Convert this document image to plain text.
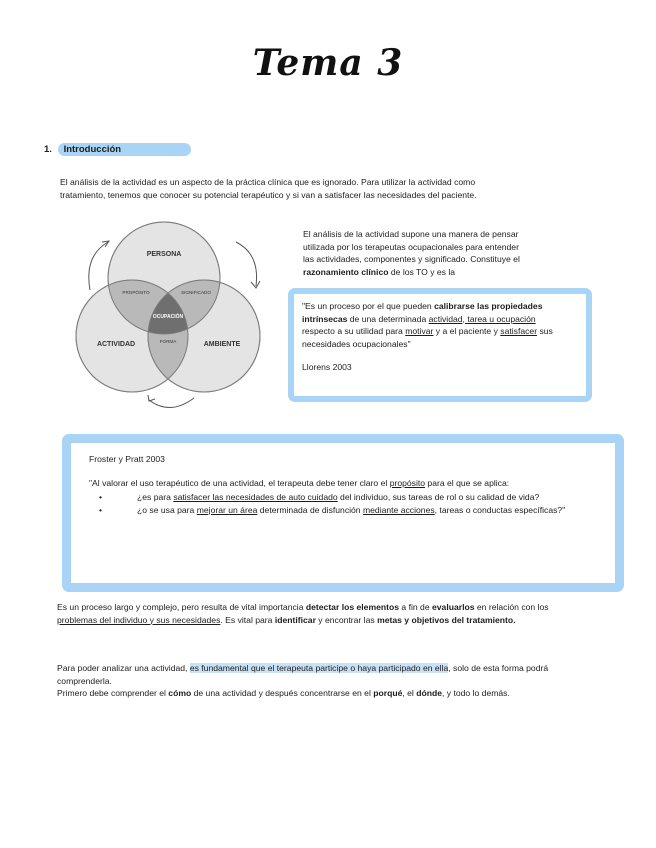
Tema 3
1. Introducción
El análisis de la actividad es un aspecto de la práctica clínica que es ignorado. Para utilizar la actividad como
tratamiento, tenemos que conocer su potencial terapéutico y si van a satisfacer las necesidades del paciente.
PERSONA
ACTIVIDAD	AMBIENTE
PROPÓSITO	SIGNIFICADO
OCUPACIÓN
FORMA
El análisis de la actividad supone una manera de pensar
utilizada por los terapeutas ocupacionales para entender
las actividades, componentes y significado. Constituye el
razonamiento clínico de los TO y es la
"Es un proceso por el que pueden calibrarse las propiedades intrínsecas de una determinada actividad, tarea u ocupación respecto a su utilidad para motivar y a el paciente y satisfacer sus necesidades ocupacionales"
Llorens 2003
Froster y Pratt 2003
"Al valorar el uso terapéutico de una actividad, el terapeuta debe tener claro el propósito para el que se aplica:
• ¿es para satisfacer las necesidades de auto cuidado del individuo, sus tareas de rol o su calidad de vida?
• ¿o se usa para mejorar un área determinada de disfunción mediante acciones, tareas o conductas específicas?"
Es un proceso largo y complejo, pero resulta de vital importancia detectar los elementos a fin de evaluarlos en relación con los problemas del individuo y sus necesidades. Es vital para identificar y encontrar las metas y objetivos del tratamiento.
Para poder analizar una actividad, es fundamental que el terapeuta participe o haya participado en ella, solo de esta forma podrá comprenderla.
Primero debe comprender el cómo de una actividad y después concentrarse en el porqué, el dónde, y todo lo demás.
